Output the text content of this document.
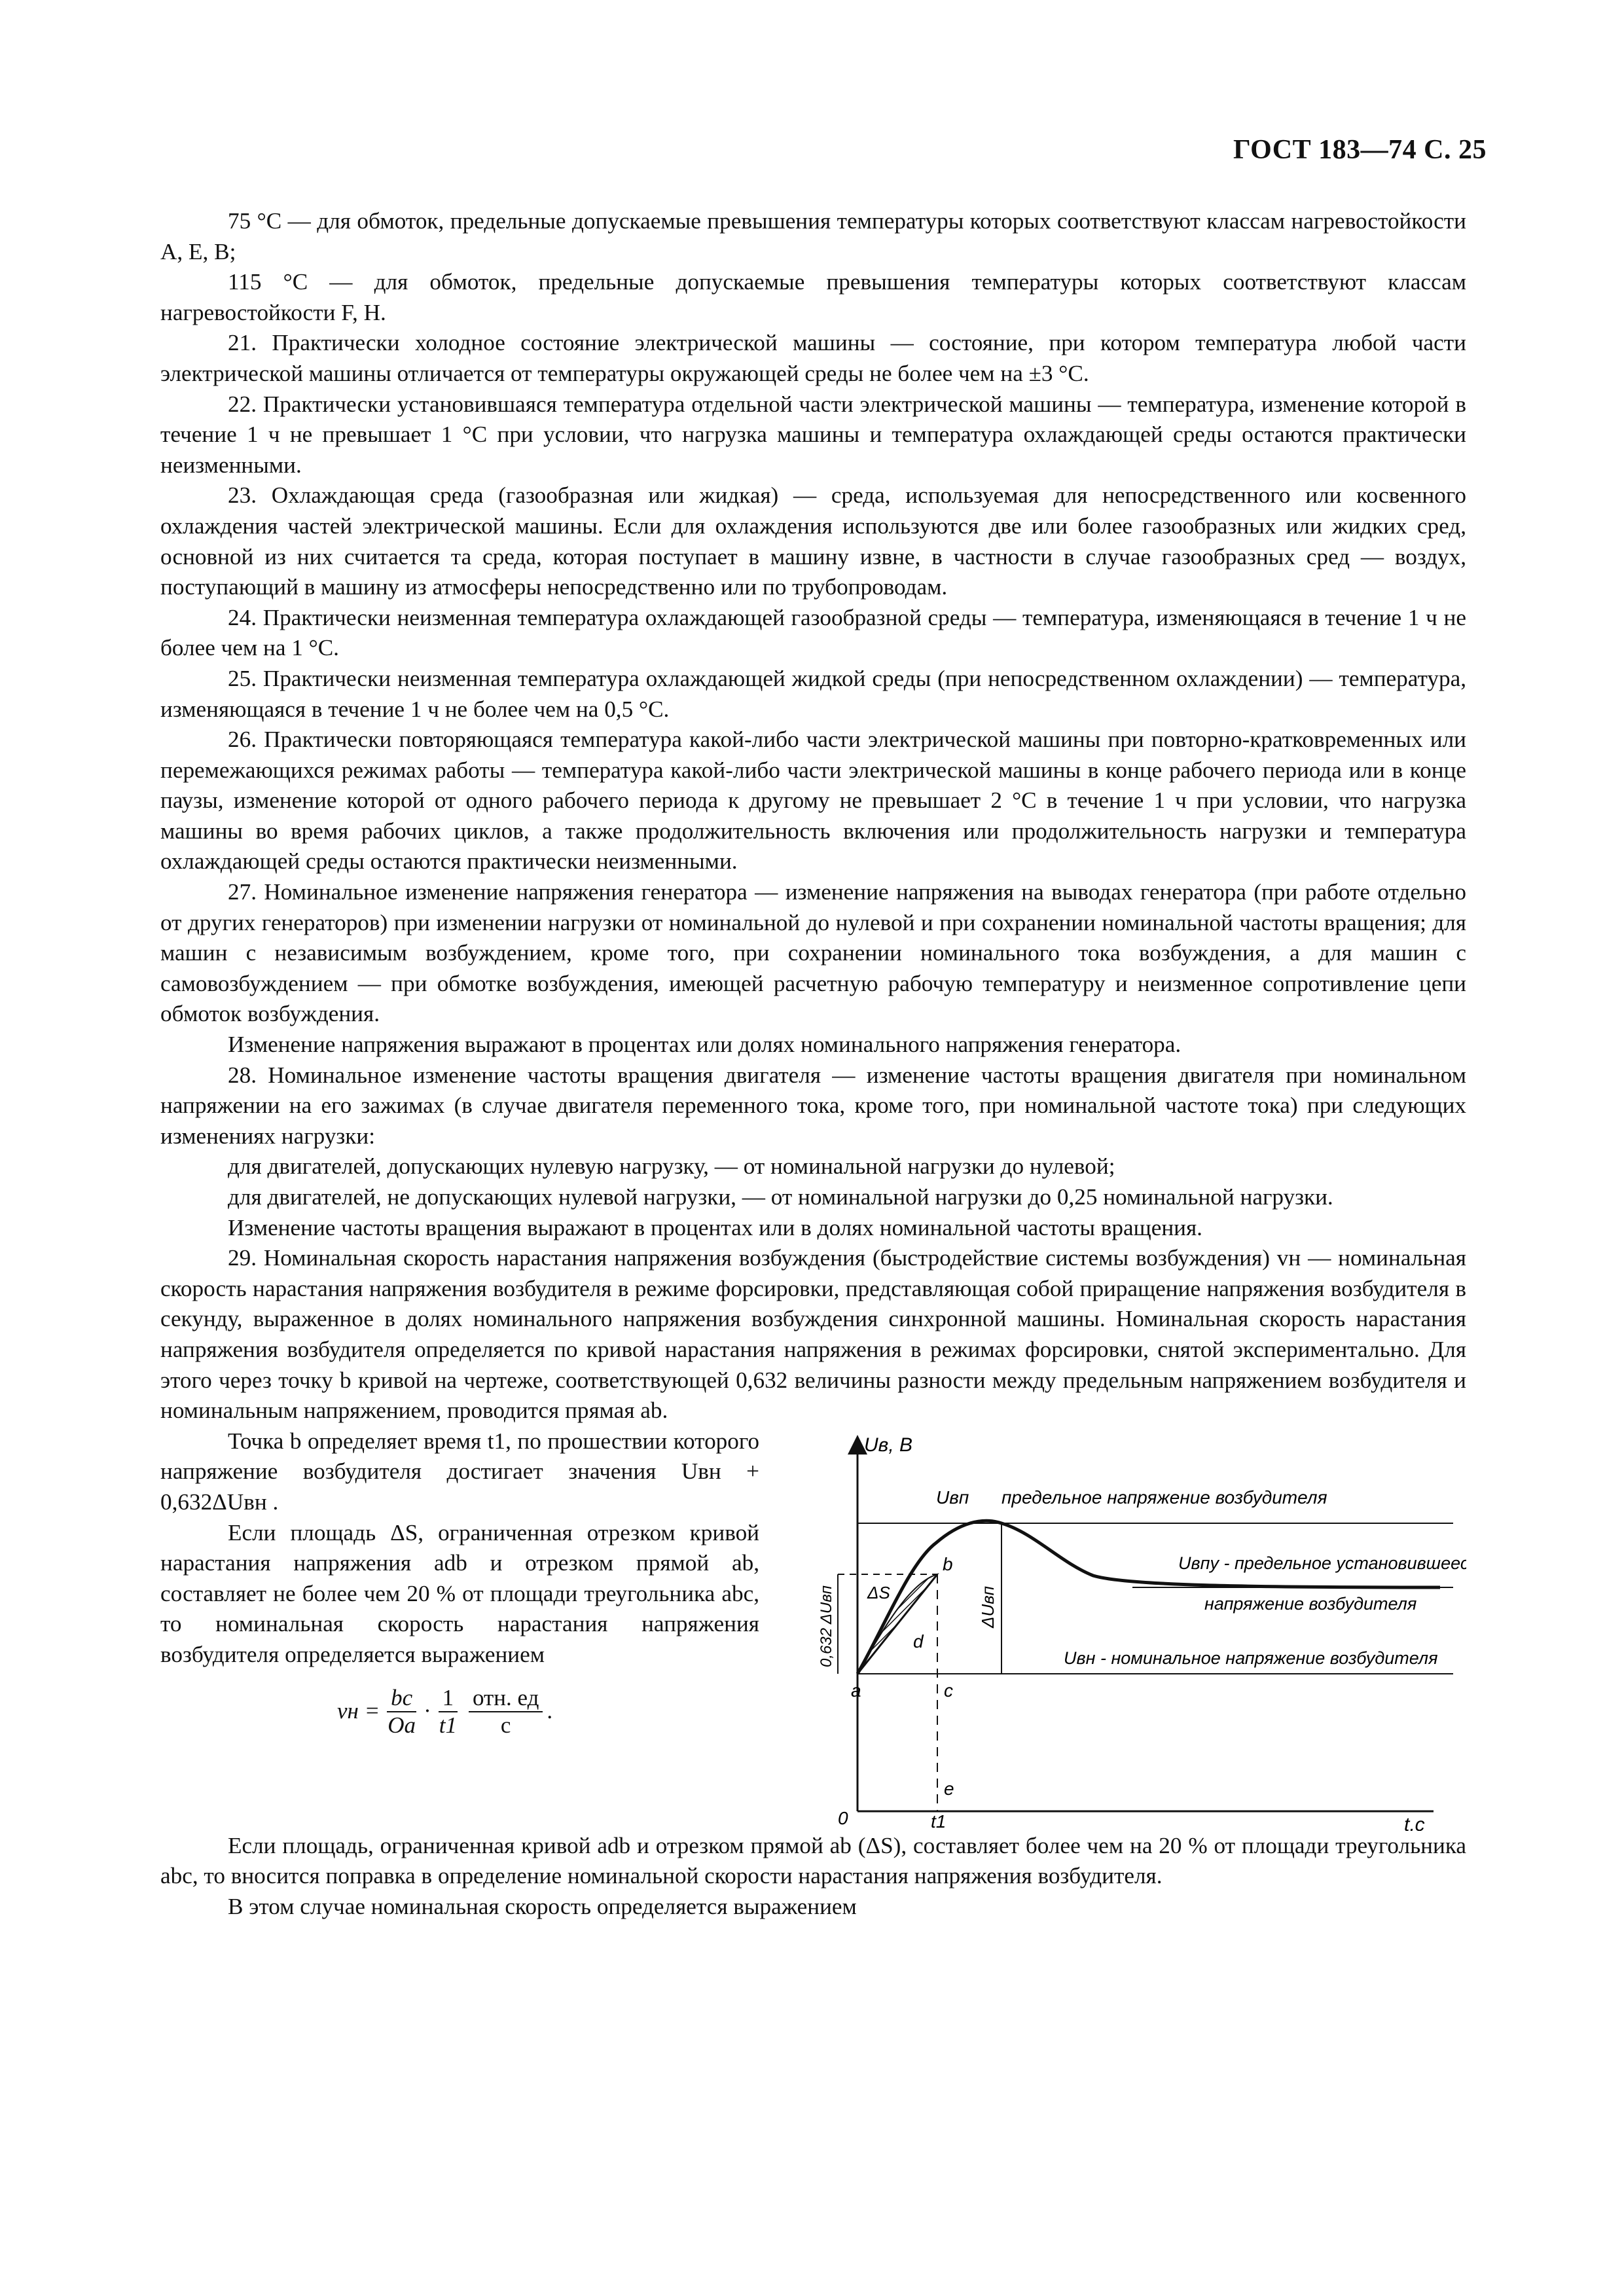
ГОСТ 183—74 С. 25

75 °С — для обмоток, предельные допускаемые превышения температуры которых соответствуют классам нагревостойкости А, Е, В;

115 °С — для обмоток, предельные допускаемые превышения температуры которых соответствуют классам нагревостойкости F, Н.

21. Практически холодное состояние электрической машины — состояние, при котором температура любой части электрической машины отличается от температуры окружающей среды не более чем на ±3 °С.

22. Практически установившаяся температура отдельной части электрической машины — температура, изменение которой в течение 1 ч не превышает 1 °С при условии, что нагрузка машины и температура охлаждающей среды остаются практически неизменными.

23. Охлаждающая среда (газообразная или жидкая) — среда, используемая для непосредственного или косвенного охлаждения частей электрической машины. Если для охлаждения используются две или более газообразных или жидких сред, основной из них считается та среда, которая поступает в машину извне, в частности в случае газообразных сред — воздух, поступающий в машину из атмосферы непосредственно или по трубопроводам.

24. Практически неизменная температура охлаждающей газообразной среды — температура, изменяющаяся в течение 1 ч не более чем на 1 °С.

25. Практически неизменная температура охлаждающей жидкой среды (при непосредственном охлаждении) — температура, изменяющаяся в течение 1 ч не более чем на 0,5 °С.

26. Практически повторяющаяся температура какой-либо части электрической машины при повторно-кратковременных или перемежающихся режимах работы — температура какой-либо части электрической машины в конце рабочего периода или в конце паузы, изменение которой от одного рабочего периода к другому не превышает 2 °С в течение 1 ч при условии, что нагрузка машины во время рабочих циклов, а также продолжительность включения или продолжительность нагрузки и температура охлаждающей среды остаются практически неизменными.

27. Номинальное изменение напряжения генератора — изменение напряжения на выводах генератора (при работе отдельно от других генераторов) при изменении нагрузки от номинальной до нулевой и при сохранении номинальной частоты вращения; для машин с независимым возбуждением, кроме того, при сохранении номинального тока возбуждения, а для машин с самовозбуждением — при обмотке возбуждения, имеющей расчетную рабочую температуру и неизменное сопротивление цепи обмоток возбуждения.

Изменение напряжения выражают в процентах или долях номинального напряжения генератора.

28. Номинальное изменение частоты вращения двигателя — изменение частоты вращения двигателя при номинальном напряжении на его зажимах (в случае двигателя переменного тока, кроме того, при номинальной частоте тока) при следующих изменениях нагрузки:

для двигателей, допускающих нулевую нагрузку, — от номинальной нагрузки до нулевой;

для двигателей, не допускающих нулевой нагрузки, — от номинальной нагрузки до 0,25 номинальной нагрузки.

Изменение частоты вращения выражают в процентах или в долях номинальной частоты вращения.

29. Номинальная скорость нарастания напряжения возбуждения (быстродействие системы возбуждения) vн — номинальная скорость нарастания напряжения возбудителя в режиме форсировки, представляющая собой приращение напряжения возбудителя в секунду, выраженное в долях номинального напряжения возбуждения синхронной машины. Номинальная скорость нарастания напряжения возбудителя определяется по кривой нарастания напряжения в режимах форсировки, снятой экспериментально. Для этого через точку b кривой на чертеже, соответствующей 0,632 величины разности между предельным напряжением возбудителя и номинальным напряжением, проводится прямая ab.

Точка b определяет время t1, по прошествии которого напряжение возбудителя достигает значения Uвн + 0,632ΔUвн .

Если площадь ΔS, ограниченная отрезком кривой нарастания напряжения adb и отрезком прямой ab, составляет не более чем 20 % от площади треугольника abc, то номинальная скорость нарастания напряжения возбудителя определяется выражением

vн = $\frac{bc}{Oa} \cdot \frac{1}{t1} \frac{\text{отн. ед}}{с}$ .
Uв, В
t,с
0
Uвп предельное напряжение возбудителя
Uвпу - предельное установившееся
напряжение возбудителя
Uвн - номинальное напряжение возбудителя
ΔUвп
0,632 ΔUвп ΔS
a
b
c
d
e
t1

Если площадь, ограниченная кривой adb и отрезком прямой ab (ΔS), составляет более чем на 20 % от площади треугольника abc, то вносится поправка в определение номинальной скорости нарастания напряжения возбудителя.

В этом случае номинальная скорость определяется выражением
